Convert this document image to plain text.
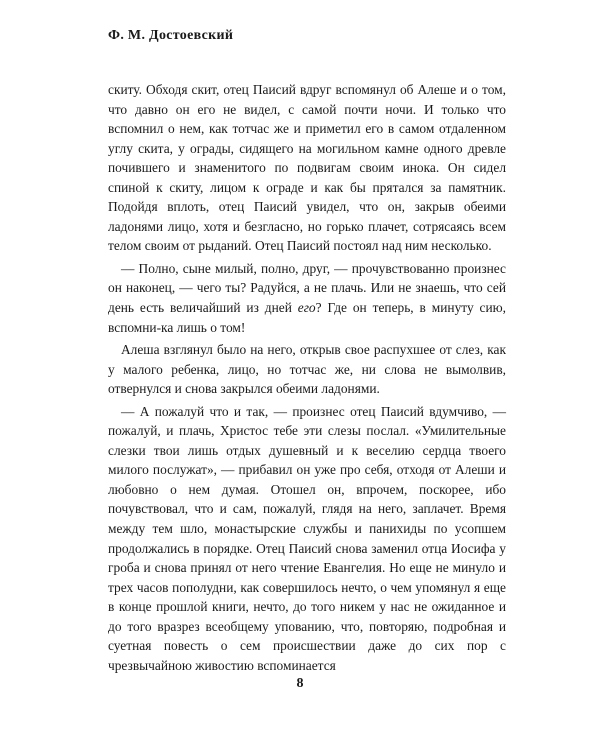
Ф. М. Достоевский

скиту. Обходя скит, отец Паисий вдруг вспомянул об Алеше и о том, что давно он его не видел, с самой почти ночи. И только что вспомнил о нем, как тотчас же и приметил его в самом отдаленном углу скита, у ограды, сидящего на могильном камне одного древле почившего и знаменитого по подвигам своим инока. Он сидел спиной к скиту, лицом к ограде и как бы прятался за памятник. Подойдя вплоть, отец Паисий увидел, что он, закрыв обеими ладонями лицо, хотя и безгласно, но горько плачет, сотрясаясь всем телом своим от рыданий. Отец Паисий постоял над ним несколько.

— Полно, сыне милый, полно, друг, — прочувствованно произнес он наконец, — чего ты? Радуйся, а не плачь. Или не знаешь, что сей день есть величайший из дней его? Где он теперь, в минуту сию, вспомни-ка лишь о том!

Алеша взглянул было на него, открыв свое распухшее от слез, как у малого ребенка, лицо, но тотчас же, ни слова не вымолвив, отвернулся и снова закрылся обеими ладонями.

— А пожалуй что и так, — произнес отец Паисий вдумчиво, — пожалуй, и плачь, Христос тебе эти слезы послал. «Умилительные слезки твои лишь отдых душевный и к веселию сердца твоего милого послужат», — прибавил он уже про себя, отходя от Алеши и любовно о нем думая. Отошел он, впрочем, поскорее, ибо почувствовал, что и сам, пожалуй, глядя на него, заплачет. Время между тем шло, монастырские службы и панихиды по усопшем продолжались в порядке. Отец Паисий снова заменил отца Иосифа у гроба и снова принял от него чтение Евангелия. Но еще не минуло и трех часов пополудни, как совершилось нечто, о чем упомянул я еще в конце прошлой книги, нечто, до того никем у нас не ожиданное и до того вразрез всеобщему упованию, что, повторяю, подробная и суетная повесть о сем происшествии даже до сих пор с чрезвычайною живостию вспоминается

8
